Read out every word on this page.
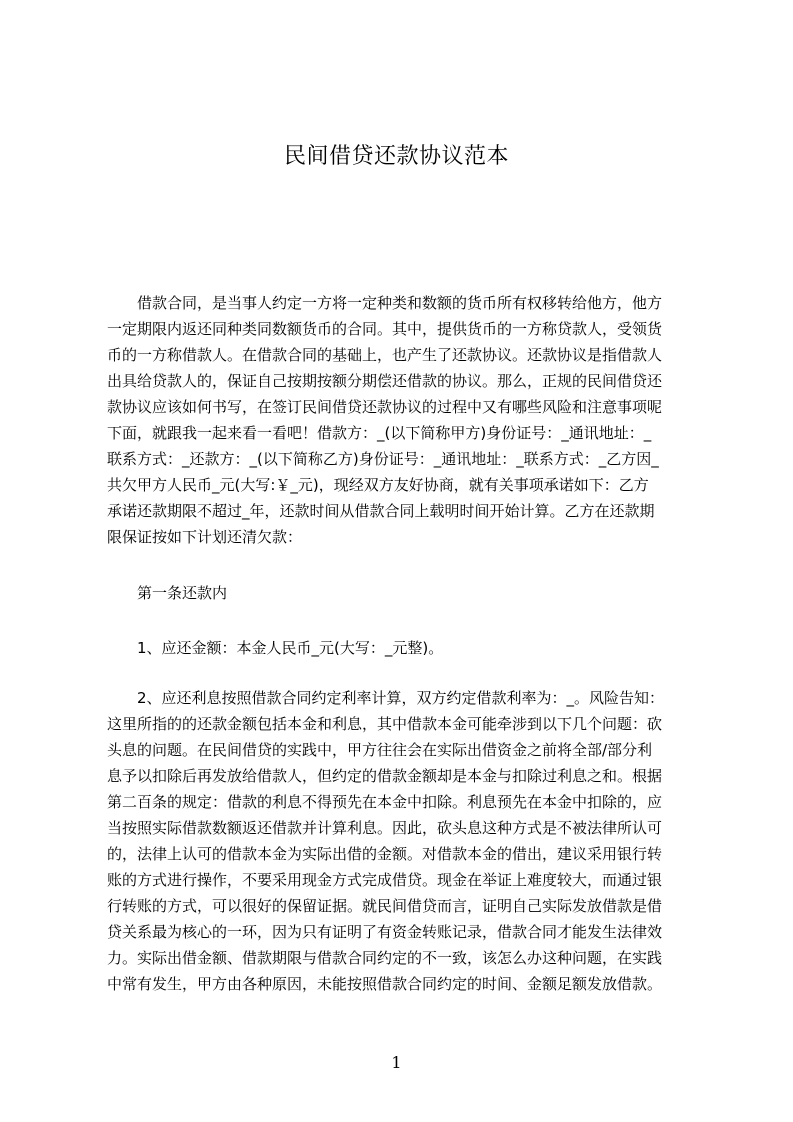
民间借贷还款协议范本
　　借款合同，是当事人约定一方将一定种类和数额的货币所有权移转给他方，他方
一定期限内返还同种类同数额货币的合同。其中，提供货币的一方称贷款人，受领货
币的一方称借款人。在借款合同的基础上，也产生了还款协议。还款协议是指借款人
出具给贷款人的，保证自己按期按额分期偿还借款的协议。那么，正规的民间借贷还
款协议应该如何书写，在签订民间借贷还款协议的过程中又有哪些风险和注意事项呢
下面，就跟我一起来看一看吧！借款方：_(以下简称甲方)身份证号：_通讯地址：_
联系方式：_还款方：_(以下简称乙方)身份证号：_通讯地址：_联系方式：_乙方因_
共欠甲方人民币_元(大写:￥_元)，现经双方友好协商，就有关事项承诺如下：乙方
承诺还款期限不超过_年，还款时间从借款合同上载明时间开始计算。乙方在还款期
限保证按如下计划还清欠款：
　　第一条还款内
　　1、应还金额：本金人民币_元(大写：_元整)。
　　2、应还利息按照借款合同约定利率计算，双方约定借款利率为：_。风险告知：
这里所指的的还款金额包括本金和利息，其中借款本金可能牵涉到以下几个问题：砍
头息的问题。在民间借贷的实践中，甲方往往会在实际出借资金之前将全部/部分利
息予以扣除后再发放给借款人，但约定的借款金额却是本金与扣除过利息之和。根据
第二百条的规定：借款的利息不得预先在本金中扣除。利息预先在本金中扣除的，应
当按照实际借款数额返还借款并计算利息。因此，砍头息这种方式是不被法律所认可
的，法律上认可的借款本金为实际出借的金额。对借款本金的借出，建议采用银行转
账的方式进行操作，不要采用现金方式完成借贷。现金在举证上难度较大，而通过银
行转账的方式，可以很好的保留证据。就民间借贷而言，证明自己实际发放借款是借
贷关系最为核心的一环，因为只有证明了有资金转账记录，借款合同才能发生法律效
力。实际出借金额、借款期限与借款合同约定的不一致，该怎么办这种问题，在实践
中常有发生，甲方由各种原因，未能按照借款合同约定的时间、金额足额发放借款。
1
